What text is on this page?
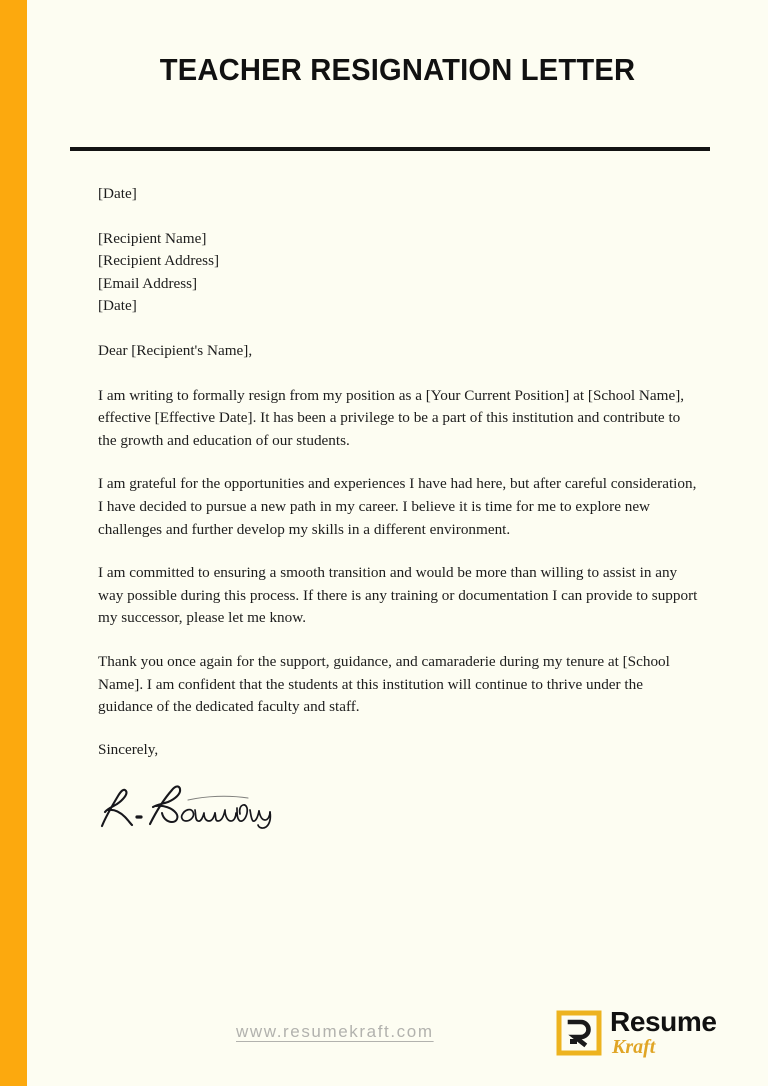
TEACHER RESIGNATION LETTER
[Date]
[Recipient Name]
[Recipient Address]
[Email Address]
[Date]
Dear [Recipient's Name],

I am writing to formally resign from my position as a [Your Current Position] at [School Name], effective [Effective Date]. It has been a privilege to be a part of this institution and contribute to the growth and education of our students.

I am grateful for the opportunities and experiences I have had here, but after careful consideration, I have decided to pursue a new path in my career. I believe it is time for me to explore new challenges and further develop my skills in a different environment.

I am committed to ensuring a smooth transition and would be more than willing to assist in any way possible during this process. If there is any training or documentation I can provide to support my successor, please let me know.

Thank you once again for the support, guidance, and camaraderie during my tenure at [School Name]. I am confident that the students at this institution will continue to thrive under the guidance of the dedicated faculty and staff.

Sincerely,
www.resumekraft.com	Resume
Kraft
